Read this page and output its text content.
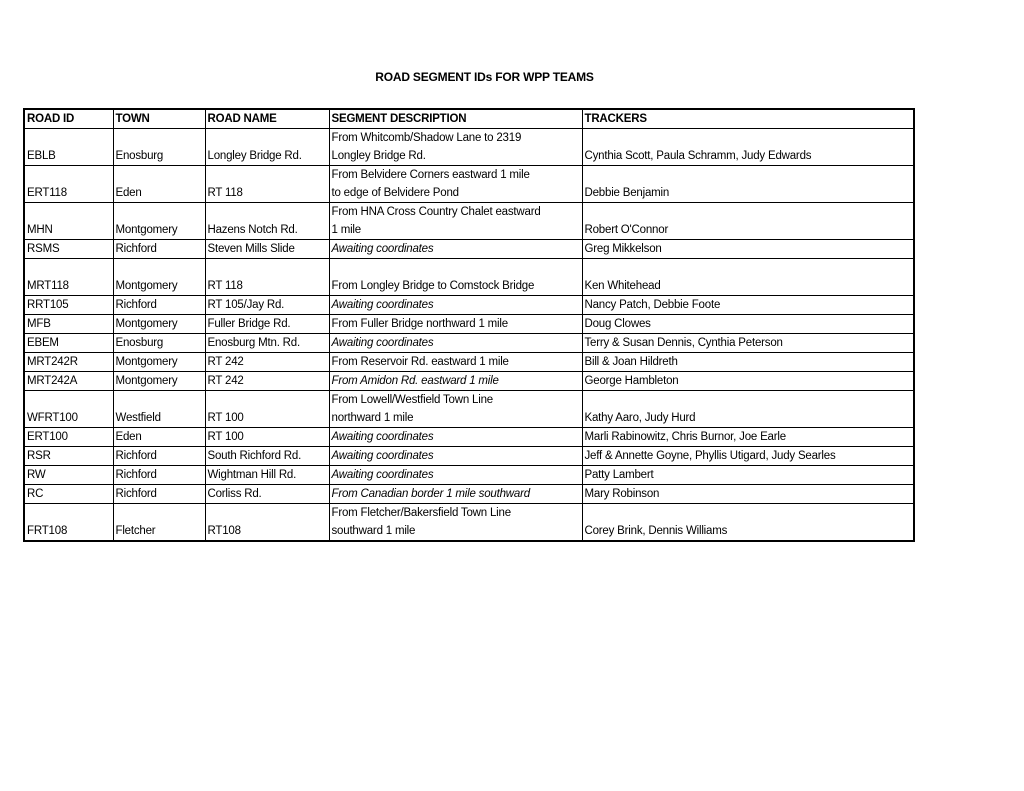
ROAD SEGMENT IDs FOR WPP TEAMS
ROAD ID	TOWN	ROAD NAME	SEGMENT DESCRIPTION	TRACKERS
EBLB	Enosburg	Longley Bridge Rd.	From Whitcomb/Shadow Lane to 2319
Longley Bridge Rd.	Cynthia Scott, Paula Schramm, Judy Edwards
ERT118	Eden	RT 118	From Belvidere Corners eastward 1 mile
to edge of Belvidere Pond	Debbie Benjamin
MHN	Montgomery	Hazens Notch Rd.	From HNA Cross Country Chalet eastward
1 mile	Robert O'Connor
RSMS	Richford	Steven Mills Slide	Awaiting coordinates	Greg Mikkelson
MRT118	Montgomery	RT 118	From Longley Bridge to Comstock Bridge	Ken Whitehead
RRT105	Richford	RT 105/Jay Rd.	Awaiting coordinates	Nancy Patch, Debbie Foote
MFB	Montgomery	Fuller Bridge Rd.	From Fuller Bridge northward 1 mile	Doug Clowes
EBEM	Enosburg	Enosburg Mtn. Rd.	Awaiting coordinates	Terry & Susan Dennis, Cynthia Peterson
MRT242R	Montgomery	RT 242	From Reservoir Rd. eastward 1 mile	Bill & Joan Hildreth
MRT242A	Montgomery	RT 242	From Amidon Rd. eastward 1 mile	George Hambleton
WFRT100	Westfield	RT 100	From Lowell/Westfield Town Line
northward 1 mile	Kathy Aaro, Judy Hurd
ERT100	Eden	RT 100	Awaiting coordinates	Marli Rabinowitz, Chris Burnor, Joe Earle
RSR	Richford	South Richford Rd.	Awaiting coordinates	Jeff & Annette Goyne, Phyllis Utigard, Judy Searles
RW	Richford	Wightman Hill Rd.	Awaiting coordinates	Patty Lambert
RC	Richford	Corliss Rd.	From Canadian border 1 mile southward	Mary Robinson
FRT108	Fletcher	RT108	From Fletcher/Bakersfield Town Line
southward 1 mile	Corey Brink, Dennis Williams
